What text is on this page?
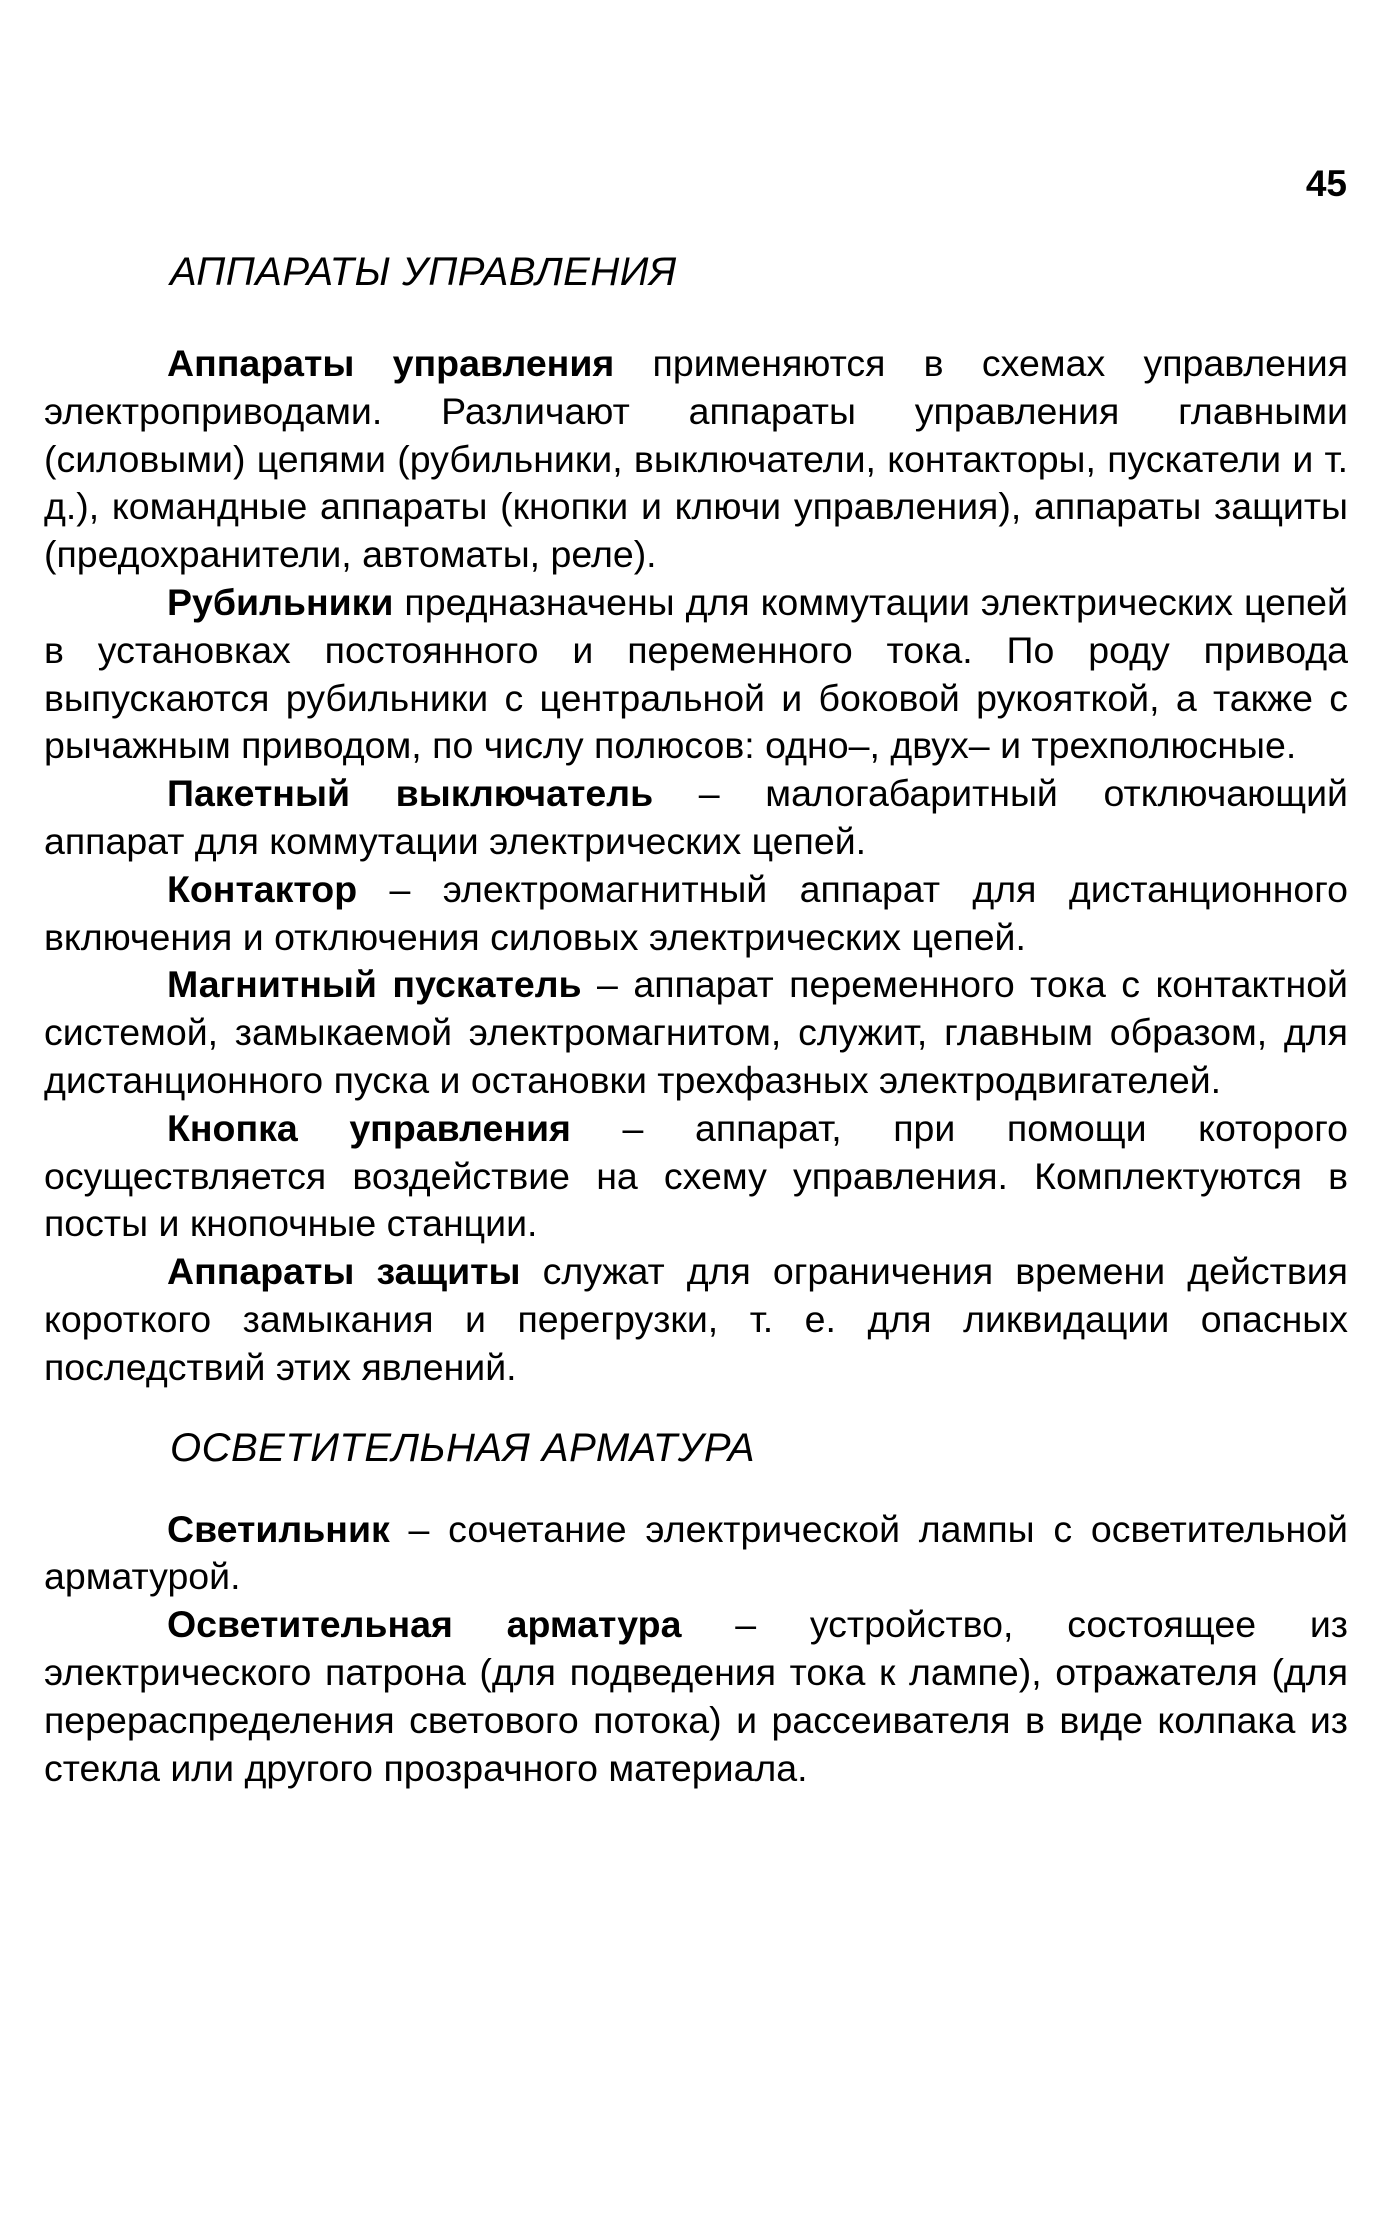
45
АППАРАТЫ УПРАВЛЕНИЯ

Аппараты управления применяются в схемах управления электроприводами. Различают аппараты управления главными (силовыми) цепями (рубильники, выключатели, контакторы, пускатели и т. д.), командные аппараты (кнопки и ключи управления), аппараты защиты (предохранители, автоматы, реле).

Рубильники предназначены для коммутации электрических цепей в установках постоянного и переменного тока. По роду привода выпускаются рубильники с центральной и боковой рукояткой, а также с рычажным приводом, по числу полюсов: одно–, двух– и трехполюсные.

Пакетный выключатель – малогабаритный отключающий аппарат для коммутации электрических цепей.

Контактор – электромагнитный аппарат для дистанционного включения и отключения силовых электрических цепей.

Магнитный пускатель – аппарат переменного тока с контактной системой, замыкаемой электромагнитом, служит, главным образом, для дистанционного пуска и остановки трехфазных электродвигателей.

Кнопка управления – аппарат, при помощи которого осуществляется воздействие на схему управления. Комплектуются в посты и кнопочные станции.

Аппараты защиты служат для ограничения времени действия короткого замыкания и перегрузки, т. е. для ликвидации опасных последствий этих явлений.

ОСВЕТИТЕЛЬНАЯ АРМАТУРА

Светильник – сочетание электрической лампы с осветительной арматурой.

Осветительная арматура – устройство, состоящее из электрического патрона (для подведения тока к лампе), отражателя (для перераспределения светового потока) и рассеивателя в виде колпака из стекла или другого прозрачного материала.
